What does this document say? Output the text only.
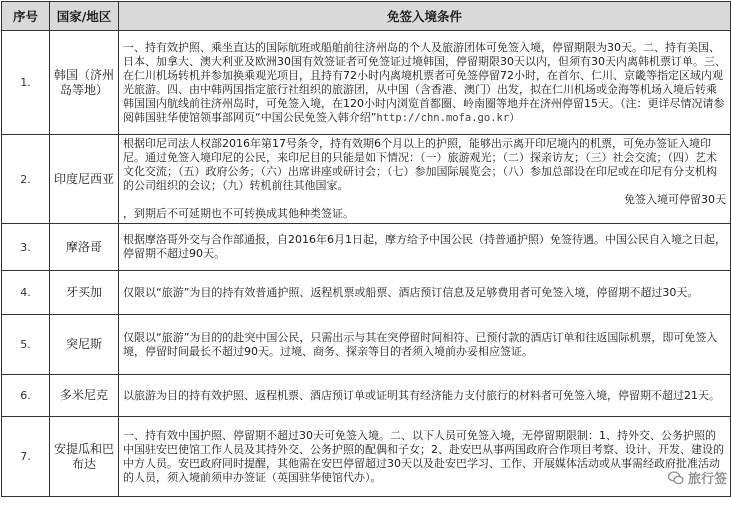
序号	国家/地区	免签入境条件
1.	韩国（济州岛等地）	一、持有效护照、乘坐直达的国际航班或船舶前往济州岛的个人及旅游团体可免签入境，停留期限为30天。二、持有美国、日本、加拿大、澳大利亚及欧洲30国有效签证者可免签证过境韩国，停留期限30天以内，但须有30天内离韩机票订单。三、在仁川机场转机并参加换乘观光项目，且持有72小时内离境机票者可免签停留72小时，在首尔、仁川、京畿等指定区域内观光旅游。四、由中韩两国指定旅行社组织的旅游团，从中国（含香港、澳门）出发，拟在仁川机场或金海等机场入境后转乘韩国国内航线前往济州岛时，可免签入境，在120小时内浏览首都圈、岭南圈等地并在济州停留15天。（注：更详尽情况请参阅韩国驻华使馆领事部网页“中国公民免签入韩介绍”http://chn.mofa.go.kr）
2.	印度尼西亚	根据印尼司法人权部2016年第17号条令，持有效期6个月以上的护照，能够出示离开印尼境内的机票，可免办签证入境印尼。通过免签入境印尼的公民，来印尼目的只能是如下情况：（一）旅游观光；（二）探亲访友；（三）社会交流；（四）艺术文化交流；（五）政府公务；（六）出席讲座或研讨会；（七）参加国际展览会；（八）参加总部设在印尼或在印尼有分支机构的公司组织的会议；（九）转机前往其他国家。
免签入境可停留30天
，到期后不可延期也不可转换成其他种类签证。
3.	摩洛哥	根据摩洛哥外交与合作部通报，自2016年6月1日起，摩方给予中国公民（持普通护照）免签待遇。中国公民自入境之日起，停留期不超过90天。
4.	牙买加	仅限以“旅游”为目的持有效普通护照、返程机票或船票、酒店预订信息及足够费用者可免签入境，停留期不超过30天。
5.	突尼斯	仅限以“旅游”为目的的赴突中国公民，只需出示与其在突停留时间相符、已预付款的酒店订单和往返国际机票，即可免签入境，停留时间最长不超过90天。过境、商务、探亲等目的者须入境前办妥相应签证。
6.	多米尼克	以旅游为目的持有效护照、返程机票、酒店预订单或证明其有经济能力支付旅行的材料者可免签入境，停留期不超过21天。
7.	安提瓜和巴布达	一、持有效中国护照、停留期不超过30天可免签入境。二、以下人员可免签入境，无停留期限制：1、持外交、公务护照的中国驻安巴使馆工作人员及其持外交、公务护照的配偶和子女；2、赴安巴从事两国政府合作项目考察、设计、开发、建设的中方人员。安巴政府同时提醒，其他需在安巴停留超过30天以及赴安巴学习、工作、开展媒体活动或从事需经政府批准活动的人员，须入境前须申办签证（英国驻华使馆代办）。	旅行签
